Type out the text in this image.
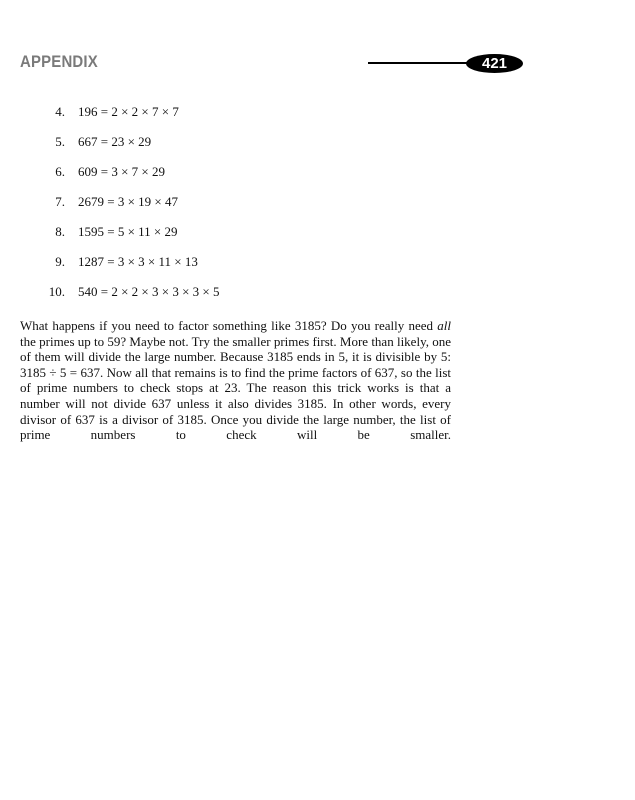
APPENDIX	421
4. 196 = 2 × 2 × 7 × 7
5. 667 = 23 × 29
6. 609 = 3 × 7 × 29
7. 2679 = 3 × 19 × 47
8. 1595 = 5 × 11 × 29
9. 1287 = 3 × 3 × 11 × 13
10. 540 = 2 × 2 × 3 × 3 × 3 × 5

What happens if you need to factor something like 3185? Do you really need all the primes up to 59? Maybe not. Try the smaller primes first. More than likely, one of them will divide the large number. Because 3185 ends in 5, it is divisible by 5: 3185 ÷ 5 = 637. Now all that remains is to find the prime factors of 637, so the list of prime numbers to check stops at 23. The reason this trick works is that a number will not divide 637 unless it also divides 3185. In other words, every divisor of 637 is a divisor of 3185. Once you divide the large number, the list of prime numbers to check will be smaller.
